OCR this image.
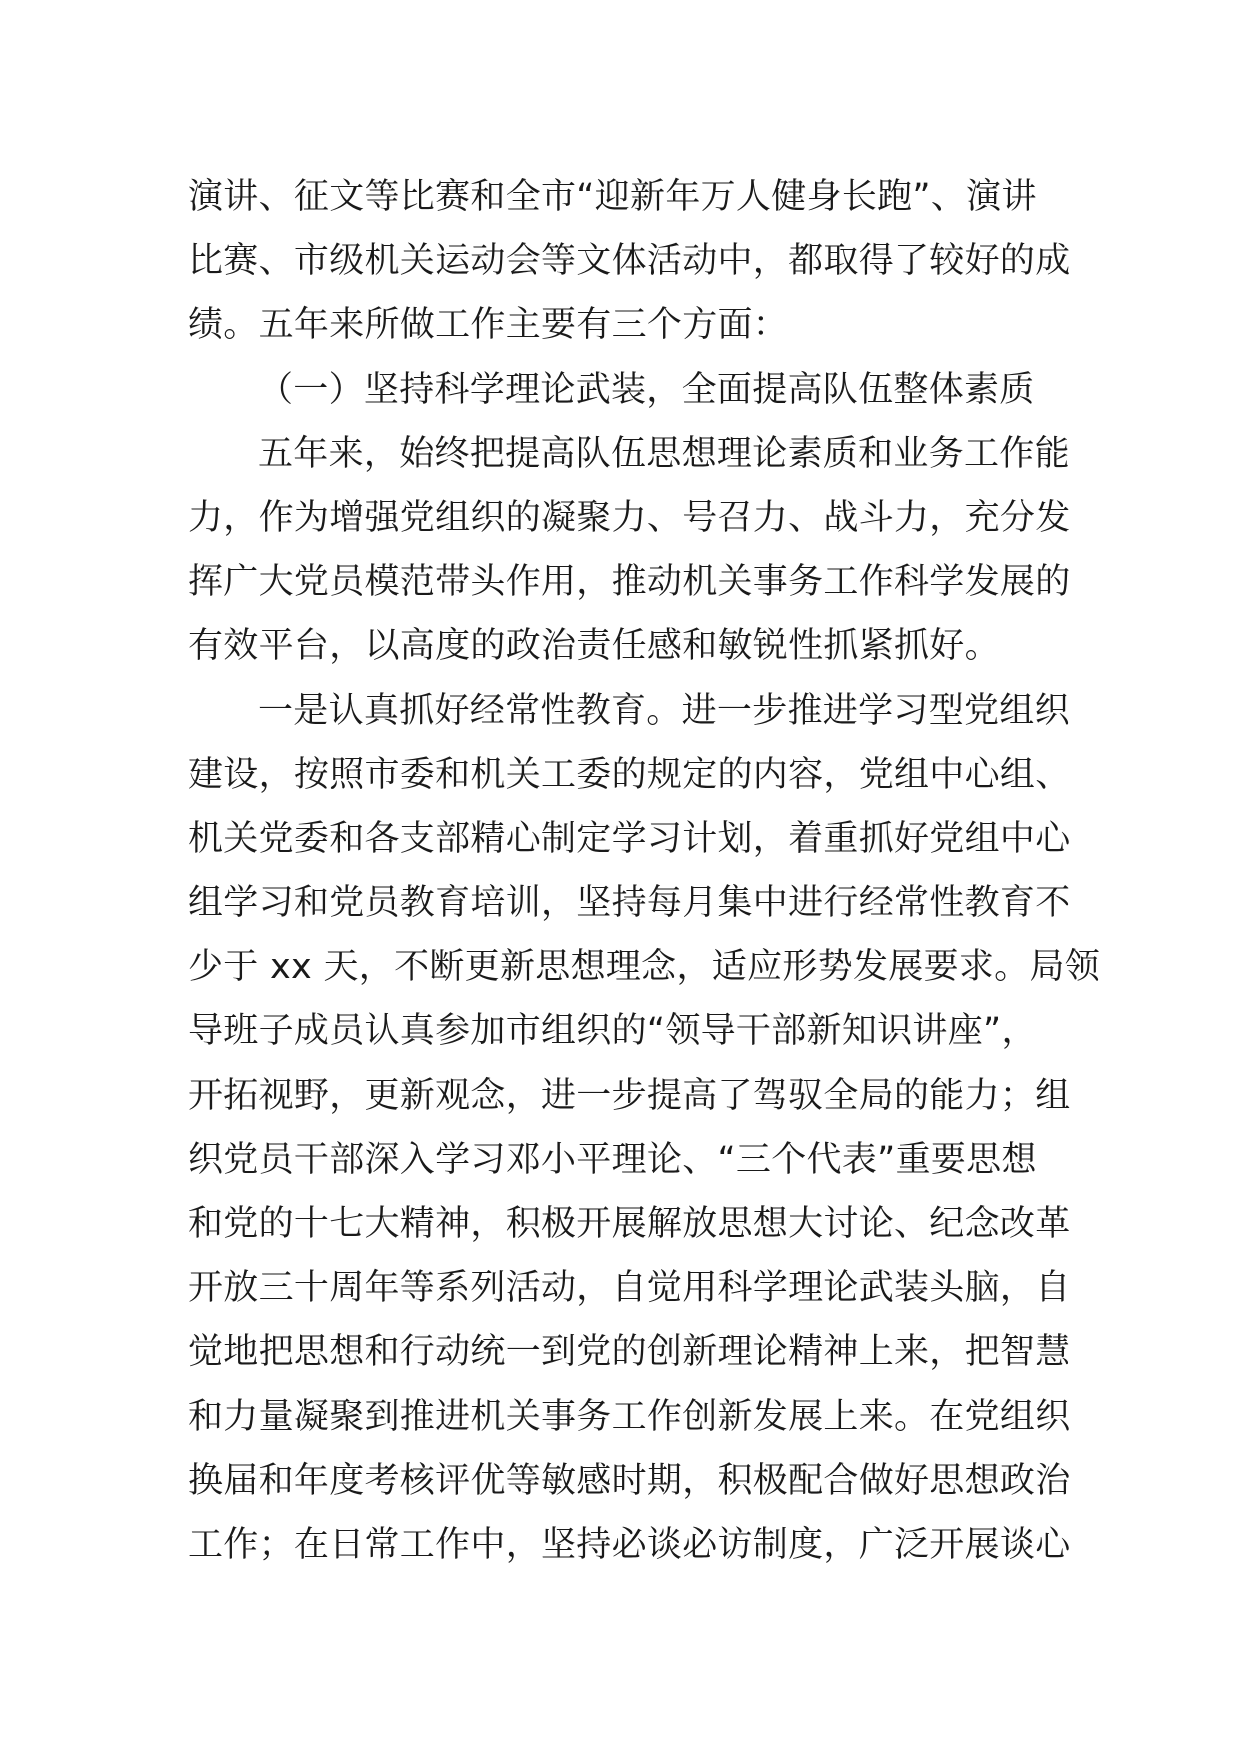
演讲、征文等比赛和全市“迎新年万人健身长跑”、演讲
比赛、市级机关运动会等文体活动中，都取得了较好的成
绩。五年来所做工作主要有三个方面：
（一）坚持科学理论武装，全面提高队伍整体素质
五年来，始终把提高队伍思想理论素质和业务工作能
力，作为增强党组织的凝聚力、号召力、战斗力，充分发
挥广大党员模范带头作用，推动机关事务工作科学发展的
有效平台，以高度的政治责任感和敏锐性抓紧抓好。
一是认真抓好经常性教育。进一步推进学习型党组织
建设，按照市委和机关工委的规定的内容，党组中心组、
机关党委和各支部精心制定学习计划，着重抓好党组中心
组学习和党员教育培训，坚持每月集中进行经常性教育不
少于 xx 天，不断更新思想理念，适应形势发展要求。局领
导班子成员认真参加市组织的“领导干部新知识讲座”，
开拓视野，更新观念，进一步提高了驾驭全局的能力；组
织党员干部深入学习邓小平理论、“三个代表”重要思想
和党的十七大精神，积极开展解放思想大讨论、纪念改革
开放三十周年等系列活动，自觉用科学理论武装头脑，自
觉地把思想和行动统一到党的创新理论精神上来，把智慧
和力量凝聚到推进机关事务工作创新发展上来。在党组织
换届和年度考核评优等敏感时期，积极配合做好思想政治
工作；在日常工作中，坚持必谈必访制度，广泛开展谈心
